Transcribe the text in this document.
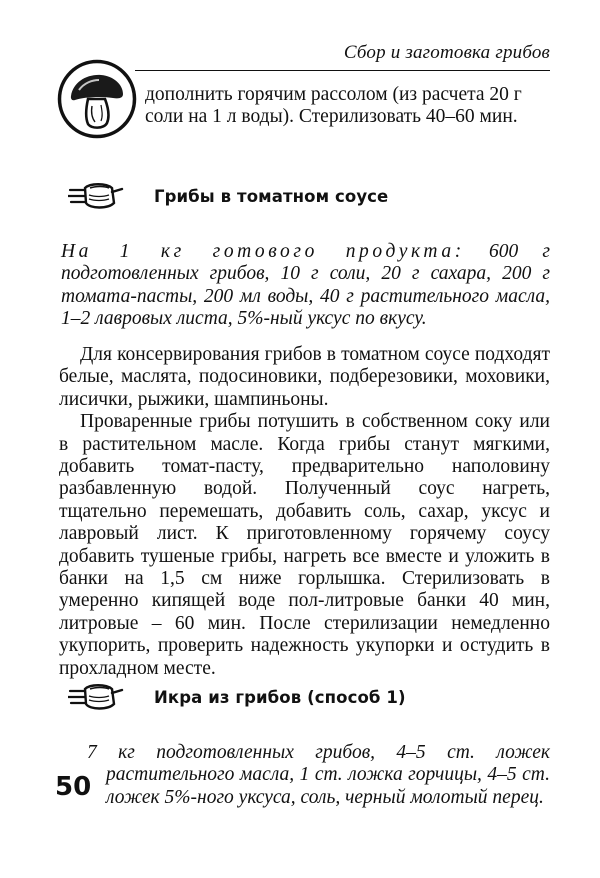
Сбор и заготовка грибов
дополнить горячим рассолом (из расчета 20 г
соли на 1 л воды). Стерилизовать 40–60 мин.
Грибы в томатном соусе
На 1 кг готового продукта: 600 г подготовленных грибов, 10 г соли, 20 г сахара, 200 г томата-пасты, 200 мл воды, 40 г растительного масла, 1–2 лавровых листа, 5%-ный уксус по вкусу.

Для консервирования грибов в томатном соусе подходят белые, маслята, подосиновики, подберезовики, моховики, лисички, рыжики, шампиньоны.

Проваренные грибы потушить в собственном соку или в растительном масле. Когда грибы станут мягкими, добавить томат-пасту, предварительно наполовину разбавленную водой. Полученный соус нагреть, тщательно перемешать, добавить соль, сахар, уксус и лавровый лист. К приготовленному горячему соусу добавить тушеные грибы, нагреть все вместе и уложить в банки на 1,5 см ниже горлышка. Стерилизовать в умеренно кипящей воде пол-литровые банки 40 мин, литровые – 60 мин. После стерилизации немедленно укупорить, проверить надежность укупорки и остудить в прохладном месте.

Икра из грибов (способ 1)
7 кг подготовленных грибов, 4–5 ст. ложек растительного масла, 1 ст. ложка горчицы, 4–5 ст. ложек 5%-ного уксуса, соль, черный молотый перец.
50
